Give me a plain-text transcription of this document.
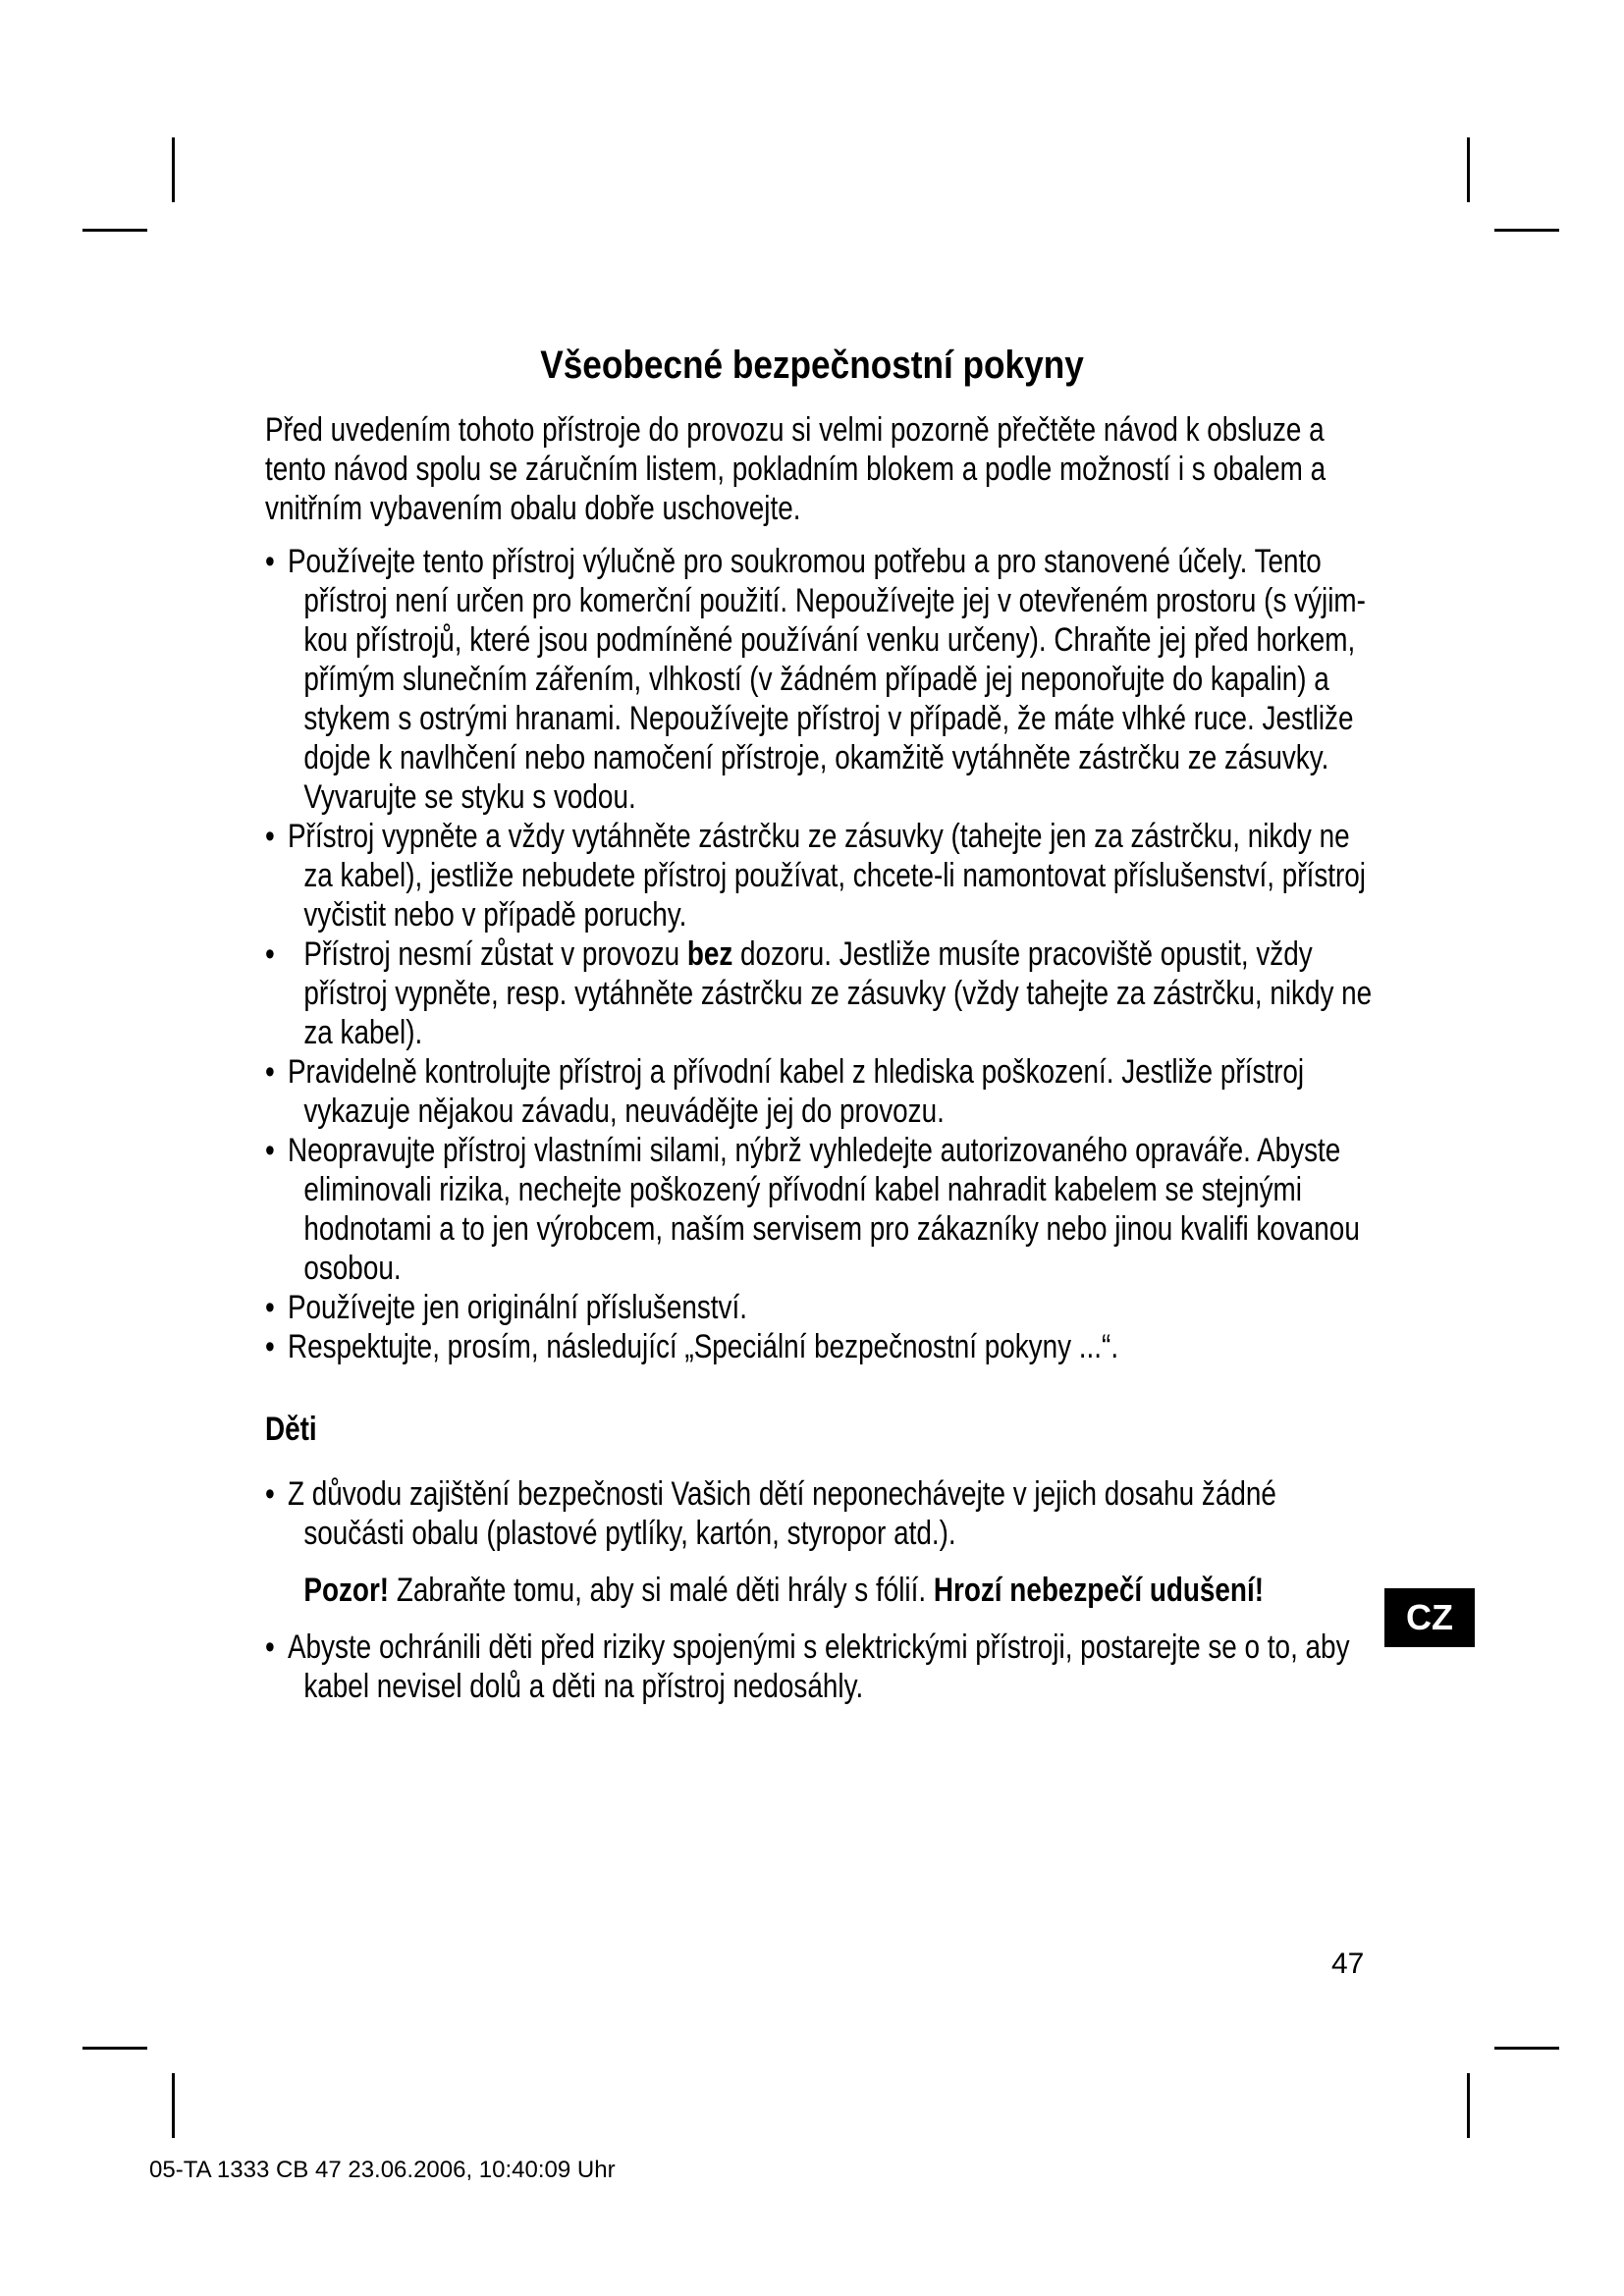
Všeobecné bezpečnostní pokyny
Před uvedením tohoto přístroje do provozu si velmi pozorně přečtěte návod k obsluze a
tento návod spolu se záručním listem, pokladním blokem a podle možností i s obalem a
vnitřním vybavením obalu dobře uschovejte.
• Používejte tento přístroj výlučně pro soukromou potřebu a pro stanovené účely. Tento
přístroj není určen pro komerční použití. Nepoužívejte jej v otevřeném prostoru (s výjim-
kou přístrojů, které jsou podmíněné používání venku určeny). Chraňte jej před horkem,
přímým slunečním zářením, vlhkostí (v žádném případě jej neponořujte do kapalin) a
stykem s ostrými hranami. Nepoužívejte přístroj v případě, že máte vlhké ruce. Jestliže
dojde k navlhčení nebo namočení přístroje, okamžitě vytáhněte zástrčku ze zásuvky.
Vyvarujte se styku s vodou.
• Přístroj vypněte a vždy vytáhněte zástrčku ze zásuvky (tahejte jen za zástrčku, nikdy ne
za kabel), jestliže nebudete přístroj používat, chcete-li namontovat příslušenství, přístroj
vyčistit nebo v případě poruchy.
• Přístroj nesmí zůstat v provozu bez dozoru. Jestliže musíte pracoviště opustit, vždy
přístroj vypněte, resp. vytáhněte zástrčku ze zásuvky (vždy tahejte za zástrčku, nikdy ne
za kabel).
• Pravidelně kontrolujte přístroj a přívodní kabel z hlediska poškození. Jestliže přístroj
vykazuje nějakou závadu, neuvádějte jej do provozu.
• Neopravujte přístroj vlastními silami, nýbrž vyhledejte autorizovaného opraváře. Abyste
eliminovali rizika, nechejte poškozený přívodní kabel nahradit kabelem se stejnými
hodnotami a to jen výrobcem, naším servisem pro zákazníky nebo jinou kvalifi kovanou
osobou.
• Používejte jen originální příslušenství.
• Respektujte, prosím, následující „Speciální bezpečnostní pokyny ...“.
Děti
• Z důvodu zajištění bezpečnosti Vašich dětí neponechávejte v jejich dosahu žádné
součásti obalu (plastové pytlíky, kartón, styropor atd.).
Pozor! Zabraňte tomu, aby si malé děti hrály s fólií. Hrozí nebezpečí udušení!
• Abyste ochránili děti před riziky spojenými s elektrickými přístroji, postarejte se o to, aby
kabel nevisel dolů a děti na přístroj nedosáhly.
CZ
47
05-TA 1333 CB 47 23.06.2006, 10:40:09 Uhr
